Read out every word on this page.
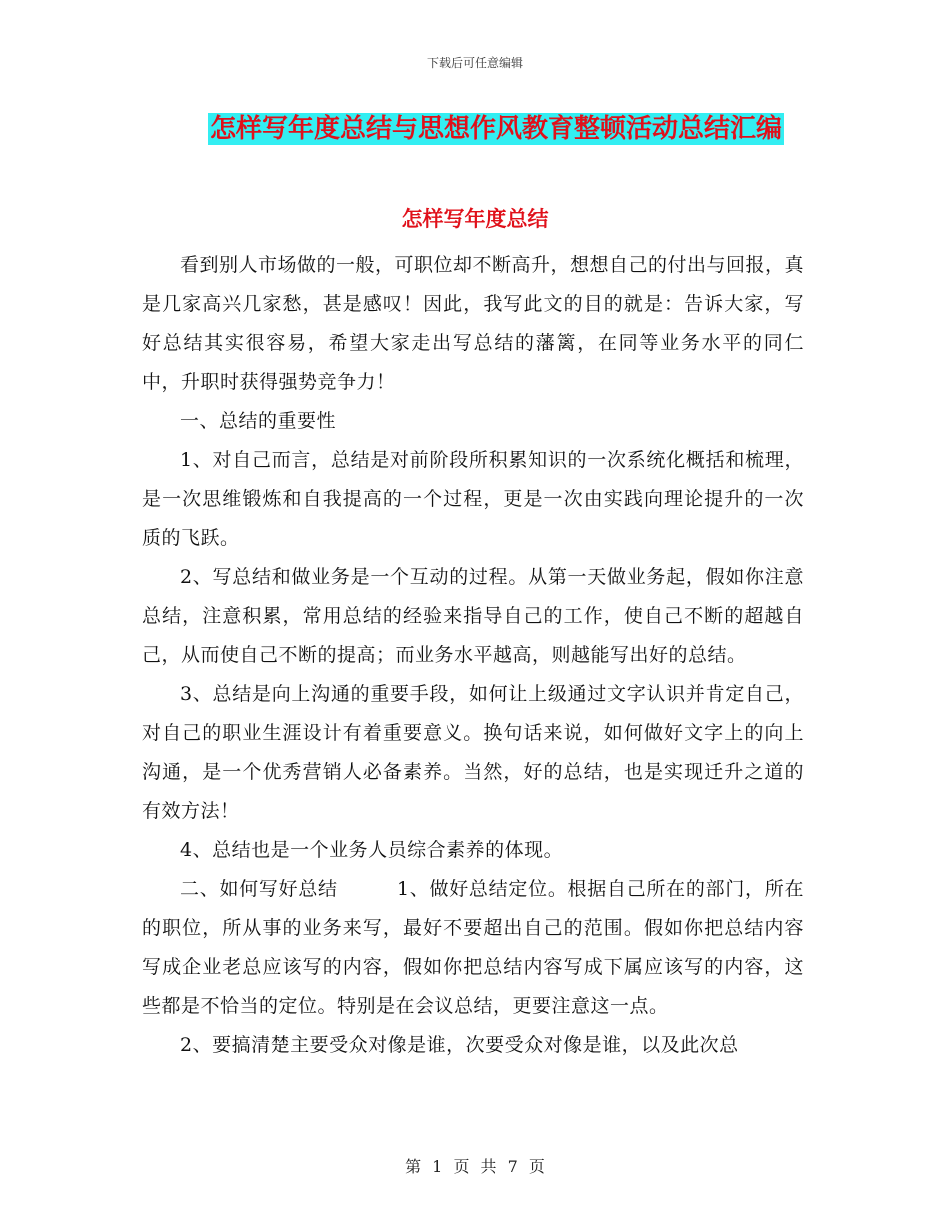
下载后可任意编辑
怎样写年度总结与思想作风教育整顿活动总结汇编
怎样写年度总结

看到别人市场做的一般，可职位却不断高升，想想自己的付出与回报，真是几家高兴几家愁，甚是感叹！因此，我写此文的目的就是：告诉大家，写好总结其实很容易，希望大家走出写总结的藩篱，在同等业务水平的同仁中，升职时获得强势竞争力！

一、总结的重要性

1、对自己而言，总结是对前阶段所积累知识的一次系统化概括和梳理，是一次思维锻炼和自我提高的一个过程，更是一次由实践向理论提升的一次质的飞跃。

2、写总结和做业务是一个互动的过程。从第一天做业务起，假如你注意总结，注意积累，常用总结的经验来指导自己的工作，使自己不断的超越自己，从而使自己不断的提高；而业务水平越高，则越能写出好的总结。

3、总结是向上沟通的重要手段，如何让上级通过文字认识并肯定自己，对自己的职业生涯设计有着重要意义。换句话来说，如何做好文字上的向上沟通，是一个优秀营销人必备素养。当然，好的总结，也是实现迁升之道的有效方法！

4、总结也是一个业务人员综合素养的体现。

二、如何写好总结　　　1、做好总结定位。根据自己所在的部门，所在的职位，所从事的业务来写，最好不要超出自己的范围。假如你把总结内容写成企业老总应该写的内容，假如你把总结内容写成下属应该写的内容，这些都是不恰当的定位。特别是在会议总结，更要注意这一点。

2、要搞清楚主要受众对像是谁，次要受众对像是谁，以及此次总

第 1 页 共 7 页
